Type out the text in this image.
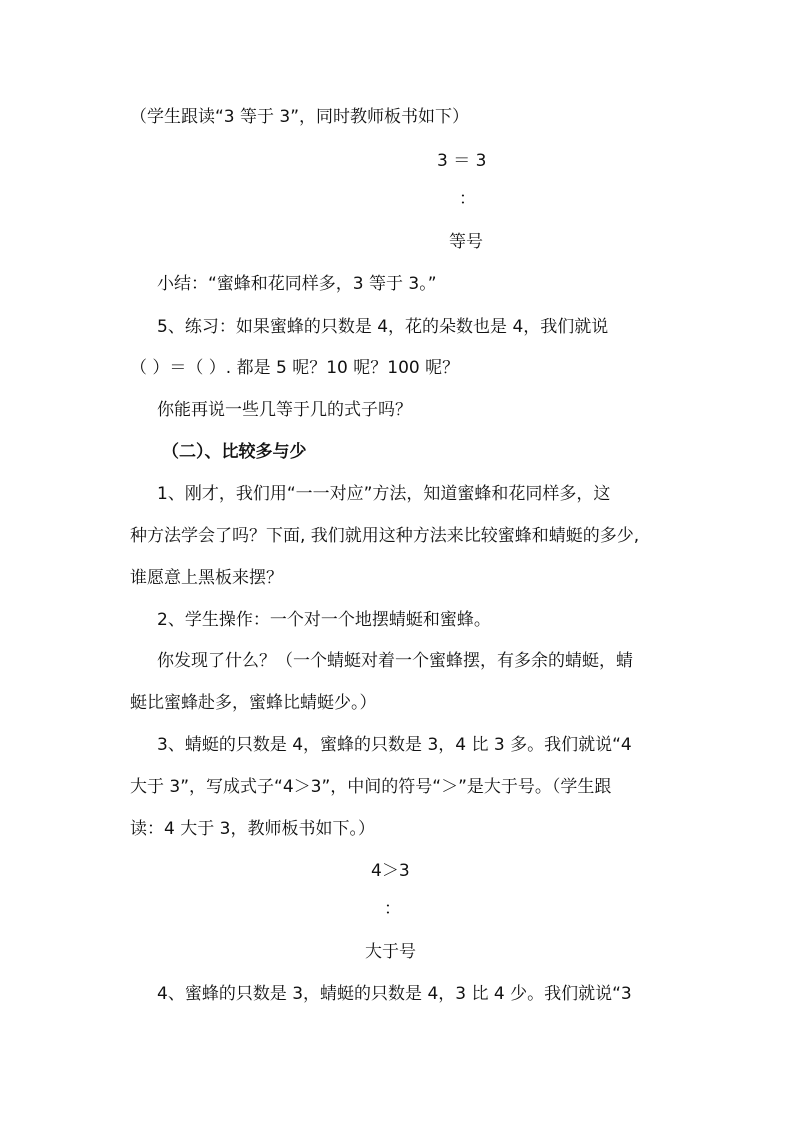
（学生跟读“3 等于 3”，同时教师板书如下）
3 ＝ 3
：
等号
小结：“蜜蜂和花同样多，3 等于 3。”
5、练习：如果蜜蜂的只数是 4，花的朵数也是 4，我们就说
（ ）＝（ ）. 都是 5 呢？10 呢？100 呢？
你能再说一些几等于几的式子吗？
（二）、比较多与少
1、刚才，我们用“一一对应”方法，知道蜜蜂和花同样多，这
种方法学会了吗？下面, 我们就用这种方法来比较蜜蜂和蜻蜓的多少,
谁愿意上黑板来摆？
2、学生操作：一个对一个地摆蜻蜓和蜜蜂。
你发现了什么？（一个蜻蜓对着一个蜜蜂摆，有多余的蜻蜓，蜻
蜓比蜜蜂赴多，蜜蜂比蜻蜓少。）
3、蜻蜓的只数是 4，蜜蜂的只数是 3，4 比 3 多。我们就说“4
大于 3”，写成式子“4＞3”，中间的符号“＞”是大于号。（学生跟
读：4 大于 3，教师板书如下。）
4＞3
：
大于号
4、蜜蜂的只数是 3，蜻蜓的只数是 4，3 比 4 少。我们就说“3
